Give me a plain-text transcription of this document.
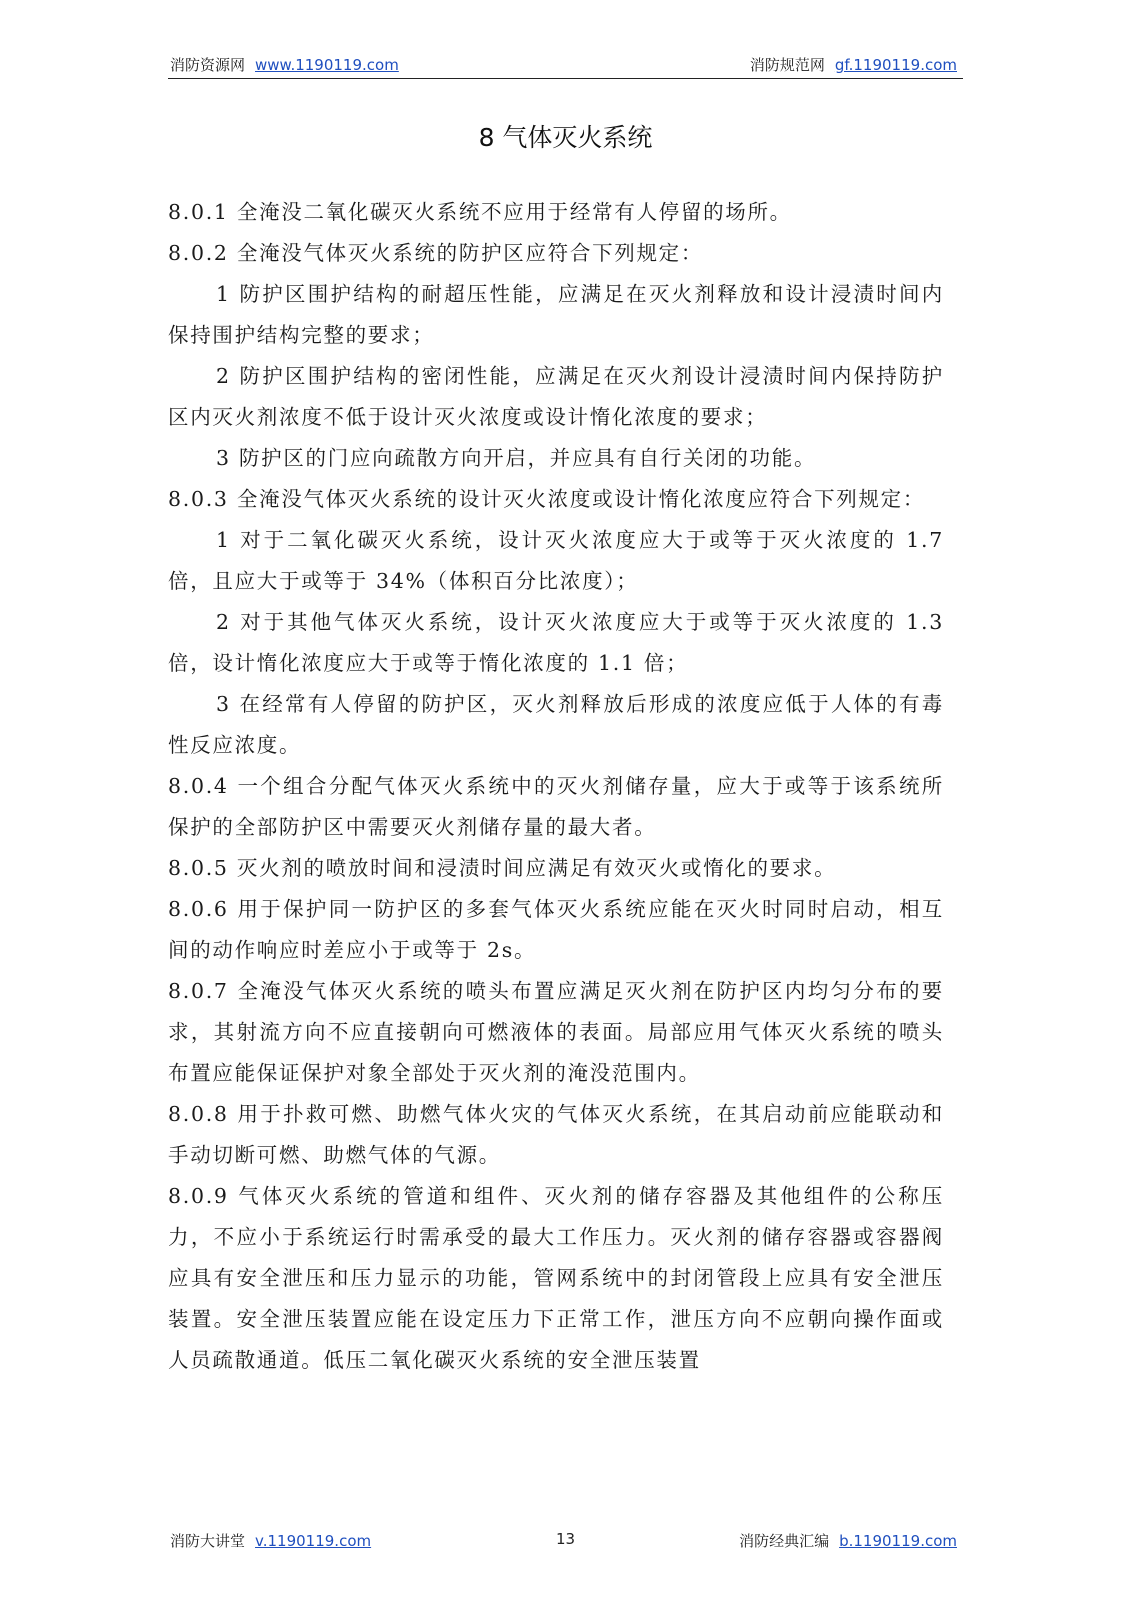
消防资源网 www.1190119.com	消防规范网 gf.1190119.com
8 气体灭火系统

8.0.1 全淹没二氧化碳灭火系统不应用于经常有人停留的场所。

8.0.2 全淹没气体灭火系统的防护区应符合下列规定：

1 防护区围护结构的耐超压性能，应满足在灭火剂释放和设计浸渍时间内保持围护结构完整的要求；

2 防护区围护结构的密闭性能，应满足在灭火剂设计浸渍时间内保持防护区内灭火剂浓度不低于设计灭火浓度或设计惰化浓度的要求；

3 防护区的门应向疏散方向开启，并应具有自行关闭的功能。

8.0.3 全淹没气体灭火系统的设计灭火浓度或设计惰化浓度应符合下列规定：

1 对于二氧化碳灭火系统，设计灭火浓度应大于或等于灭火浓度的 1.7 倍，且应大于或等于 34%（体积百分比浓度）；

2 对于其他气体灭火系统，设计灭火浓度应大于或等于灭火浓度的 1.3 倍，设计惰化浓度应大于或等于惰化浓度的 1.1 倍；

3 在经常有人停留的防护区，灭火剂释放后形成的浓度应低于人体的有毒性反应浓度。

8.0.4 一个组合分配气体灭火系统中的灭火剂储存量，应大于或等于该系统所保护的全部防护区中需要灭火剂储存量的最大者。

8.0.5 灭火剂的喷放时间和浸渍时间应满足有效灭火或惰化的要求。

8.0.6 用于保护同一防护区的多套气体灭火系统应能在灭火时同时启动，相互间的动作响应时差应小于或等于 2s。

8.0.7 全淹没气体灭火系统的喷头布置应满足灭火剂在防护区内均匀分布的要求，其射流方向不应直接朝向可燃液体的表面。局部应用气体灭火系统的喷头布置应能保证保护对象全部处于灭火剂的淹没范围内。

8.0.8 用于扑救可燃、助燃气体火灾的气体灭火系统，在其启动前应能联动和手动切断可燃、助燃气体的气源。

8.0.9 气体灭火系统的管道和组件、灭火剂的储存容器及其他组件的公称压力，不应小于系统运行时需承受的最大工作压力。灭火剂的储存容器或容器阀应具有安全泄压和压力显示的功能，管网系统中的封闭管段上应具有安全泄压装置。安全泄压装置应能在设定压力下正常工作，泄压方向不应朝向操作面或人员疏散通道。低压二氧化碳灭火系统的安全泄压装置

消防大讲堂 v.1190119.com	13	消防经典汇编 b.1190119.com
